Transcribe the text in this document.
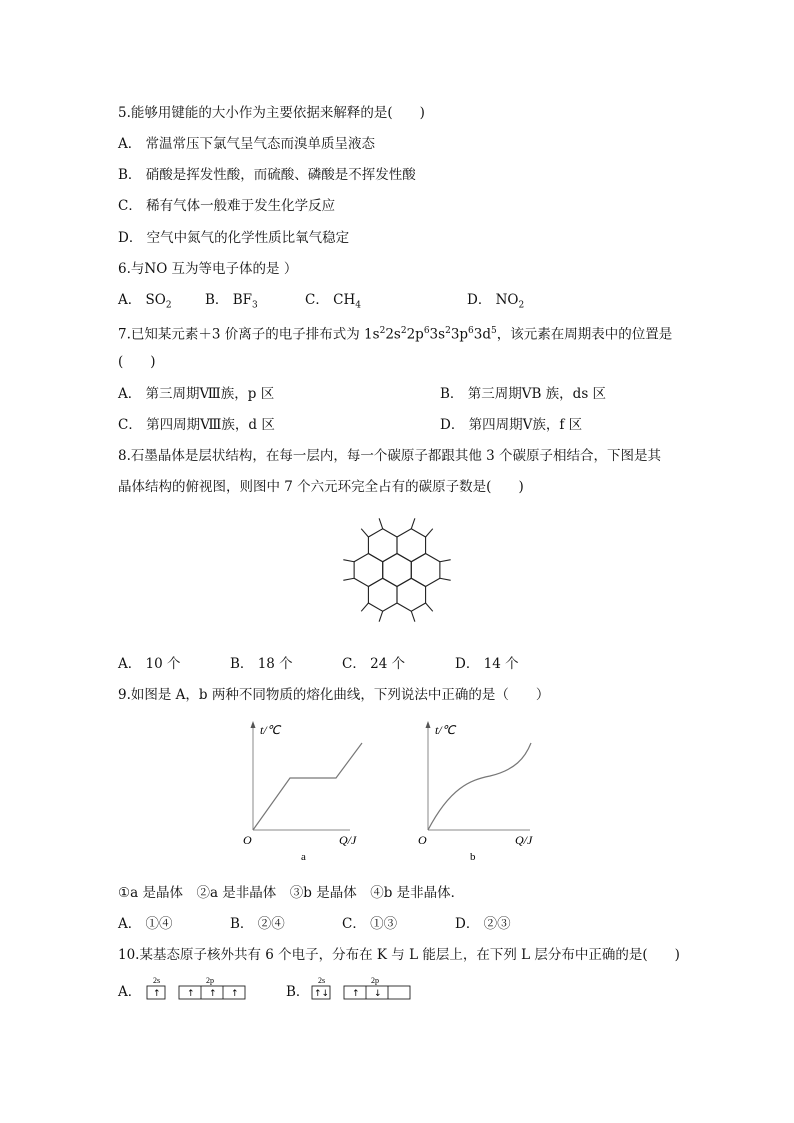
5.能够用键能的大小作为主要依据来解释的是(　　)
A． 常温常压下氯气呈气态而溴单质呈液态
B． 硝酸是挥发性酸，而硫酸、磷酸是不挥发性酸
C． 稀有气体一般难于发生化学反应
D． 空气中氮气的化学性质比氧气稳定
6.与NO 互为等电子体的是 ）
A． $SO_2$ B． $BF_3$	C． $CH_4$	D． $NO_2$
7.已知某元素＋3 价离子的电子排布式为 $1s^22s^22p^63s^23p^63d^5$，该元素在周期表中的位置是
(　　)
A． 第三周期Ⅷ族，p 区	B． 第三周期ⅤB 族，ds 区
C． 第四周期Ⅷ族，d 区	D． 第四周期Ⅴ族，f 区
8.石墨晶体是层状结构，在每一层内，每一个碳原子都跟其他 3 个碳原子相结合，下图是其
晶体结构的俯视图，则图中 7 个六元环完全占有的碳原子数是(　　)
A． 10 个	B． 18 个	C． 24 个	D． 14 个
9.如图是 A，b 两种不同物质的熔化曲线，下列说法中正确的是（　　）
t/℃
O	Q/J
a
t/℃
O	Q/J
b
①a 是晶体　②a 是非晶体　③b 是晶体　④b 是非晶体．
A． ①④	B． ②④	C． ①③	D． ②③
10.某基态原子核外共有 6 个电子，分布在 K 与 L 能层上，在下列 L 层分布中正确的是(　　)
A．
2s
↑
2p
↑ ↑ ↑	B．
2s
↑↓
2p
↑ ↓
